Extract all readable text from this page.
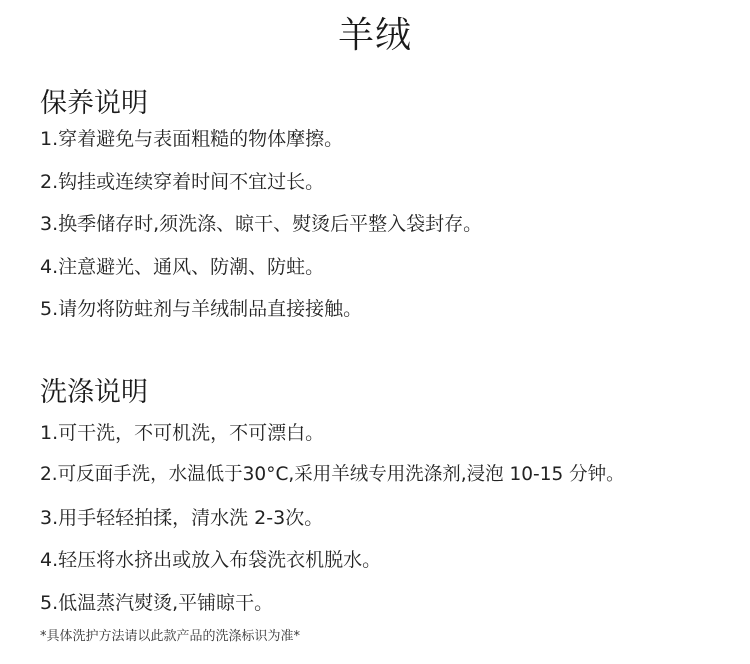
羊绒
保养说明
1.穿着避免与表面粗糙的物体摩擦。
2.钩挂或连续穿着时间不宜过长。
3.换季储存时,须洗涤、晾干、熨烫后平整入袋封存。
4.注意避光、通风、防潮、防蛀。
5.请勿将防蛀剂与羊绒制品直接接触。
洗涤说明
1.可干洗，不可机洗，不可漂白。
2.可反面手洗，水温低于30°C,采用羊绒专用洗涤剂,浸泡 10-15 分钟。
3.用手轻轻拍揉，清水洗 2-3次。
4.轻压将水挤出或放入布袋洗衣机脱水。
5.低温蒸汽熨烫,平铺晾干。
*具体洗护方法请以此款产品的洗涤标识为准*
